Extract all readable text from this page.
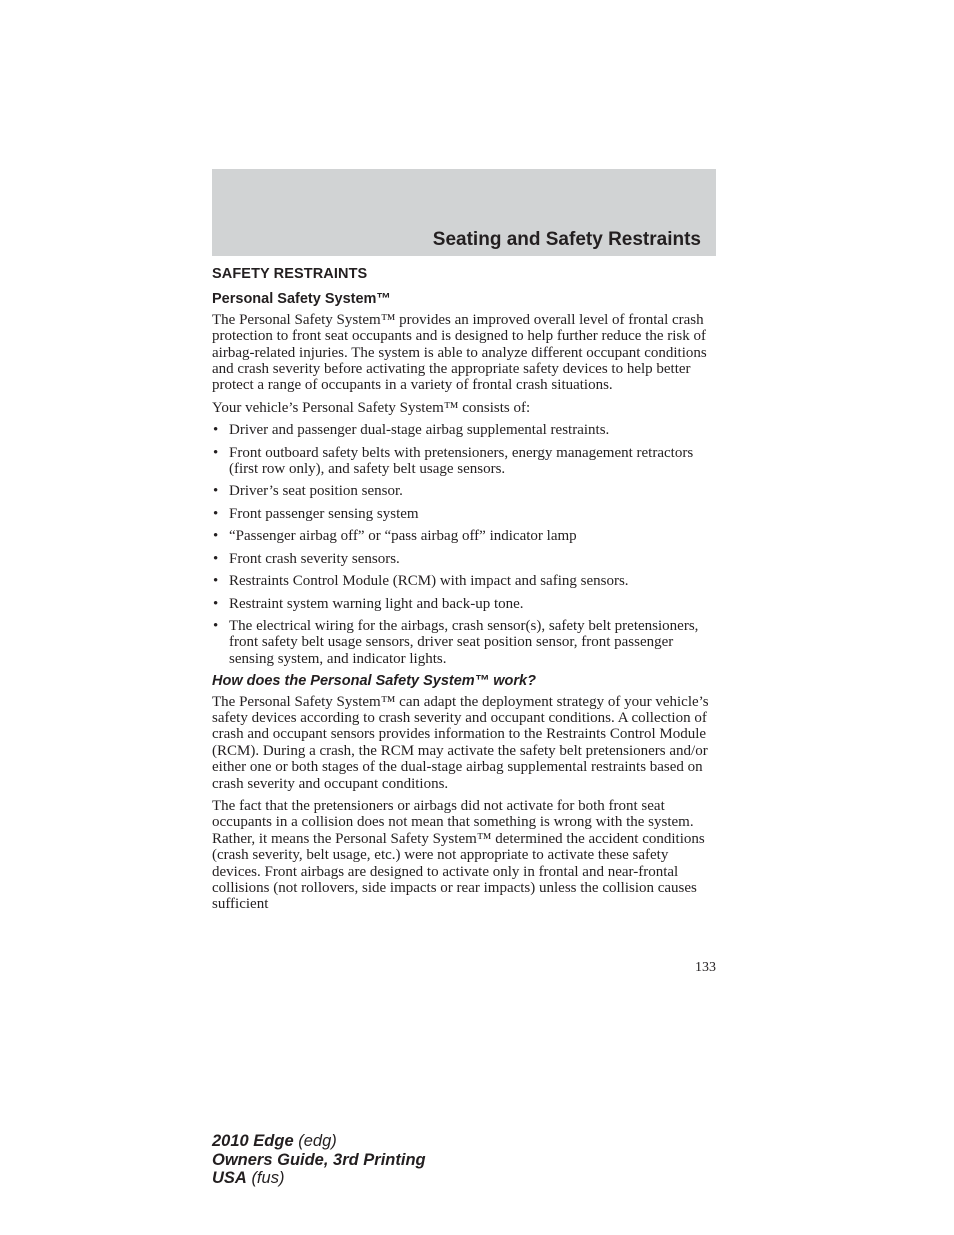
Seating and Safety Restraints
SAFETY RESTRAINTS
Personal Safety System™

The Personal Safety System™ provides an improved overall level of frontal crash protection to front seat occupants and is designed to help further reduce the risk of airbag-related injuries. The system is able to analyze different occupant conditions and crash severity before activating the appropriate safety devices to help better protect a range of occupants in a variety of frontal crash situations.

Your vehicle’s Personal Safety System™ consists of:

• Driver and passenger dual-stage airbag supplemental restraints.
• Front outboard safety belts with pretensioners, energy management retractors (first row only), and safety belt usage sensors.
• Driver’s seat position sensor.
• Front passenger sensing system
• “Passenger airbag off” or “pass airbag off” indicator lamp
• Front crash severity sensors.
• Restraints Control Module (RCM) with impact and safing sensors.
• Restraint system warning light and back-up tone.
• The electrical wiring for the airbags, crash sensor(s), safety belt pretensioners, front safety belt usage sensors, driver seat position sensor, front passenger sensing system, and indicator lights.
How does the Personal Safety System™ work?

The Personal Safety System™ can adapt the deployment strategy of your vehicle’s safety devices according to crash severity and occupant conditions. A collection of crash and occupant sensors provides information to the Restraints Control Module (RCM). During a crash, the RCM may activate the safety belt pretensioners and/or either one or both stages of the dual-stage airbag supplemental restraints based on crash severity and occupant conditions.

The fact that the pretensioners or airbags did not activate for both front seat occupants in a collision does not mean that something is wrong with the system. Rather, it means the Personal Safety System™ determined the accident conditions (crash severity, belt usage, etc.) were not appropriate to activate these safety devices. Front airbags are designed to activate only in frontal and near-frontal collisions (not rollovers, side impacts or rear impacts) unless the collision causes sufficient

133
2010 Edge (edg)
Owners Guide, 3rd Printing
USA (fus)
